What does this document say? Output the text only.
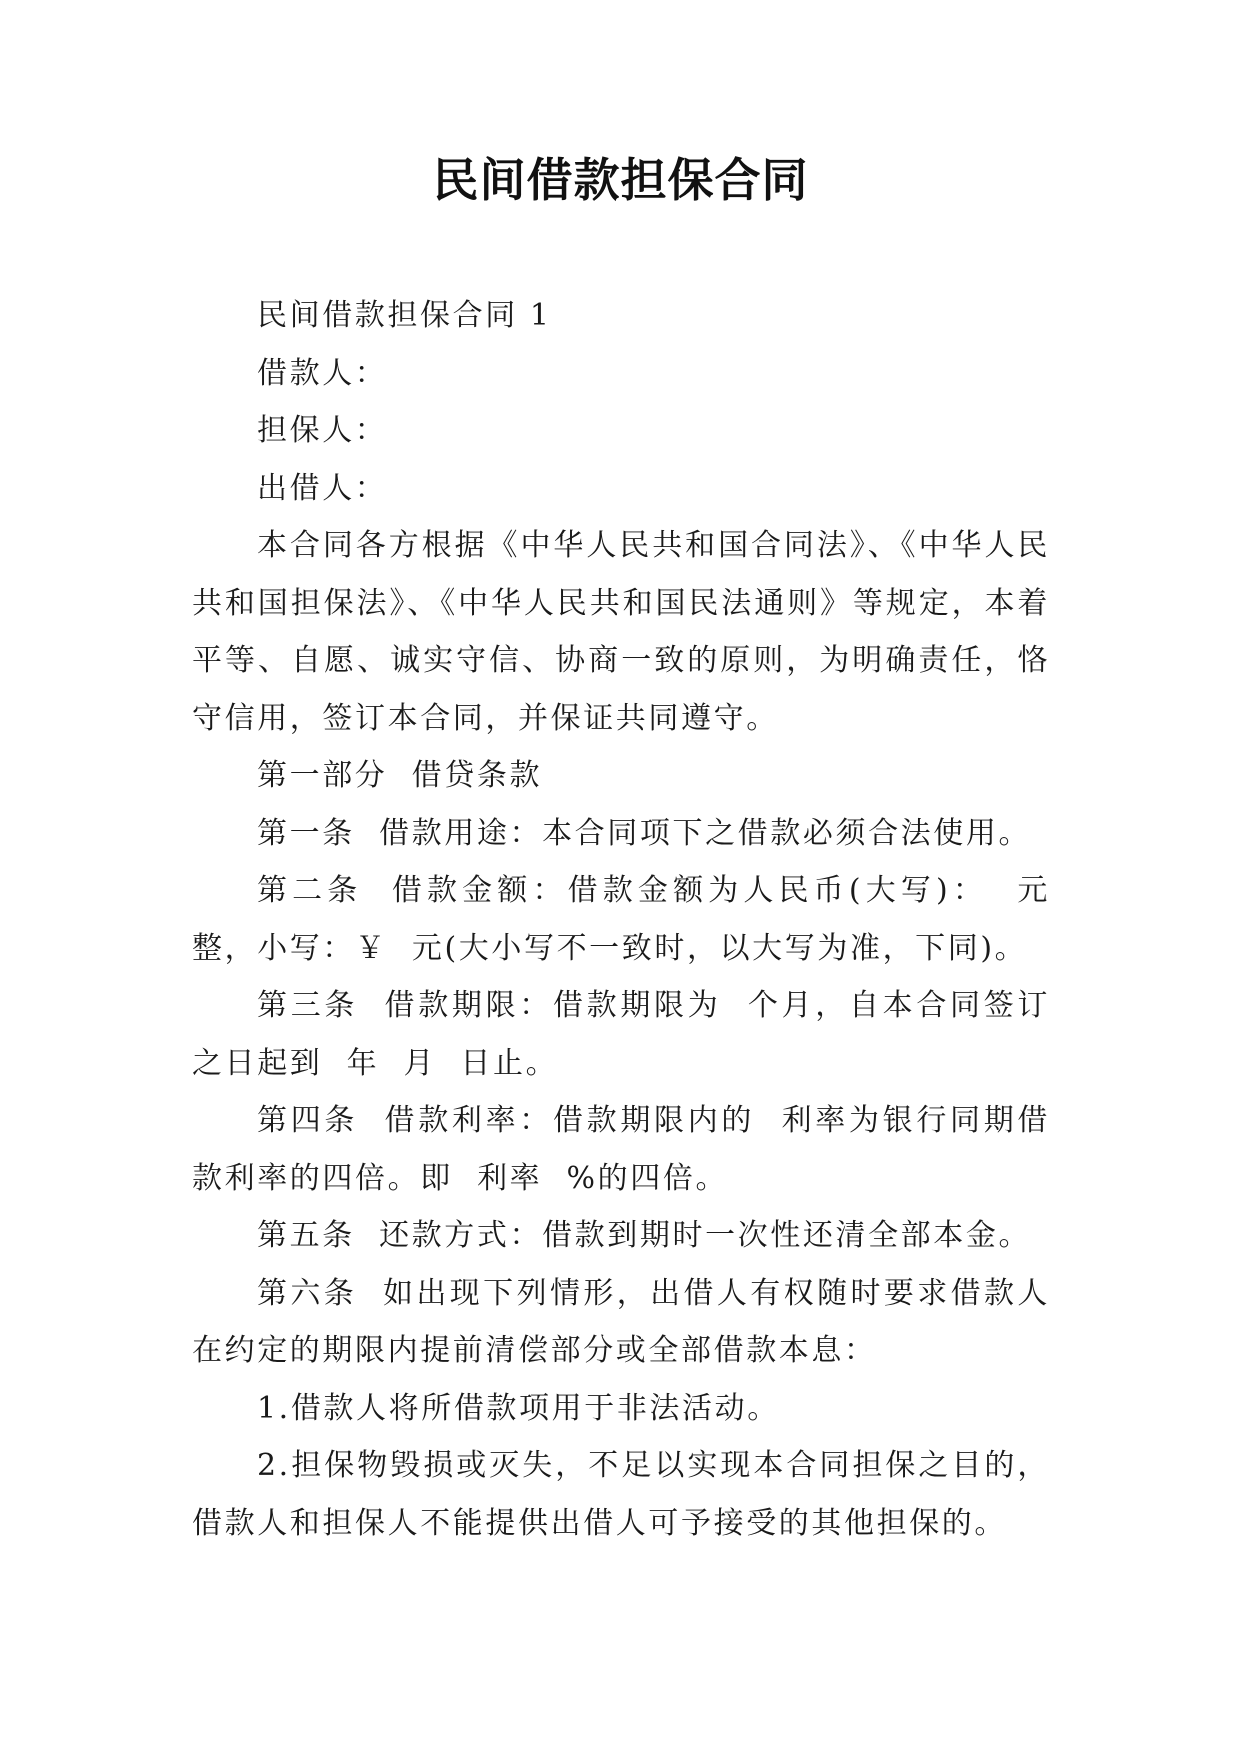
民间借款担保合同

民间借款担保合同 1

借款人：

担保人：

出借人：

本合同各方根据《中华人民共和国合同法》、《中华人民共和国担保法》、《中华人民共和国民法通则》等规定，本着平等、自愿、诚实守信、协商一致的原则，为明确责任，恪守信用，签订本合同，并保证共同遵守。

第一部分  借贷条款

第一条  借款用途：本合同项下之借款必须合法使用。

第二条  借款金额：借款金额为人民币(大写)：  元整，小写：￥  元(大小写不一致时，以大写为准，下同)。

第三条  借款期限：借款期限为  个月，自本合同签订之日起到  年  月  日止。

第四条  借款利率：借款期限内的  利率为银行同期借款利率的四倍。即  利率  %的四倍。

第五条  还款方式：借款到期时一次性还清全部本金。

第六条  如出现下列情形，出借人有权随时要求借款人在约定的期限内提前清偿部分或全部借款本息：

1.借款人将所借款项用于非法活动。

2.担保物毁损或灭失，不足以实现本合同担保之目的，借款人和担保人不能提供出借人可予接受的其他担保的。
